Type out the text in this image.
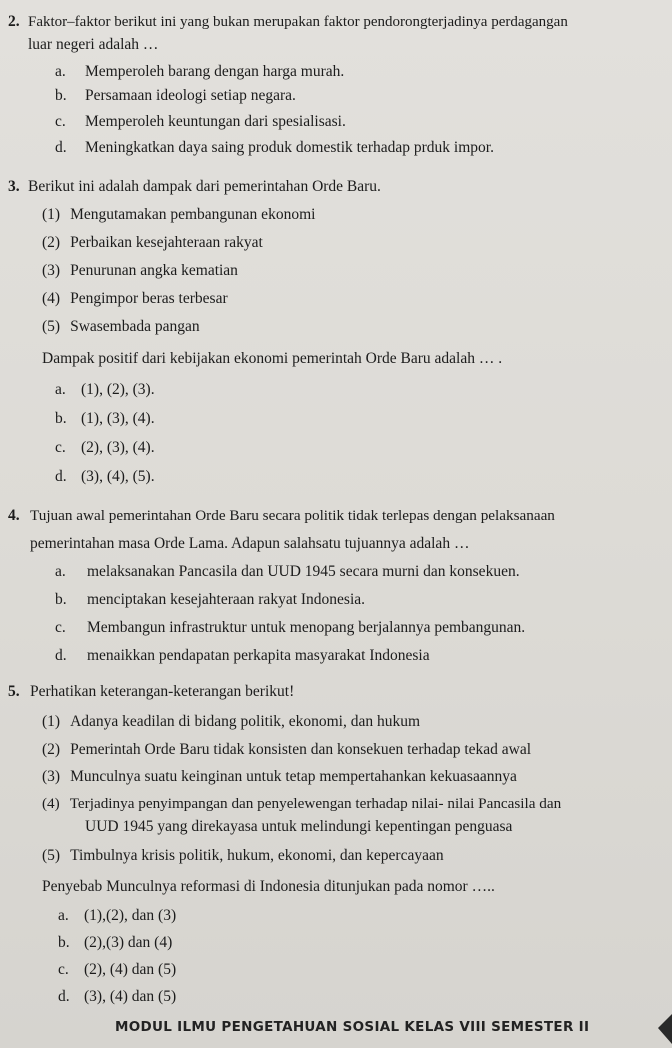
2. Faktor–faktor berikut ini yang bukan merupakan faktor pendorongterjadinya perdagangan
luar negeri adalah …
a. Memperoleh barang dengan harga murah.
b. Persamaan ideologi setiap negara.
c. Memperoleh keuntungan dari spesialisasi.
d. Meningkatkan daya saing produk domestik terhadap prduk impor.
3. Berikut ini adalah dampak dari pemerintahan Orde Baru.
(1) Mengutamakan pembangunan ekonomi
(2) Perbaikan kesejahteraan rakyat
(3) Penurunan angka kematian
(4) Pengimpor beras terbesar
(5) Swasembada pangan
Dampak positif dari kebijakan ekonomi pemerintah Orde Baru adalah … .
a. (1), (2), (3).
b. (1), (3), (4).
c. (2), (3), (4).
d. (3), (4), (5).
4. Tujuan awal pemerintahan Orde Baru secara politik tidak terlepas dengan pelaksanaan
pemerintahan masa Orde Lama. Adapun salahsatu tujuannya adalah …
a. melaksanakan Pancasila dan UUD 1945 secara murni dan konsekuen.
b. menciptakan kesejahteraan rakyat Indonesia.
c. Membangun infrastruktur untuk menopang berjalannya pembangunan.
d. menaikkan pendapatan perkapita masyarakat Indonesia
5. Perhatikan keterangan-keterangan berikut!
(1) Adanya keadilan di bidang politik, ekonomi, dan hukum
(2) Pemerintah Orde Baru tidak konsisten dan konsekuen terhadap tekad awal
(3) Munculnya suatu keinginan untuk tetap mempertahankan kekuasaannya
(4) Terjadinya penyimpangan dan penyelewengan terhadap nilai- nilai Pancasila dan
UUD 1945 yang direkayasa untuk melindungi kepentingan penguasa
(5) Timbulnya krisis politik, hukum, ekonomi, dan kepercayaan
Penyebab Munculnya reformasi di Indonesia ditunjukan pada nomor …..
a. (1),(2), dan (3)
b. (2),(3) dan (4)
c. (2), (4) dan (5)
d. (3), (4) dan (5)
MODUL ILMU PENGETAHUAN SOSIAL KELAS VIII SEMESTER II
